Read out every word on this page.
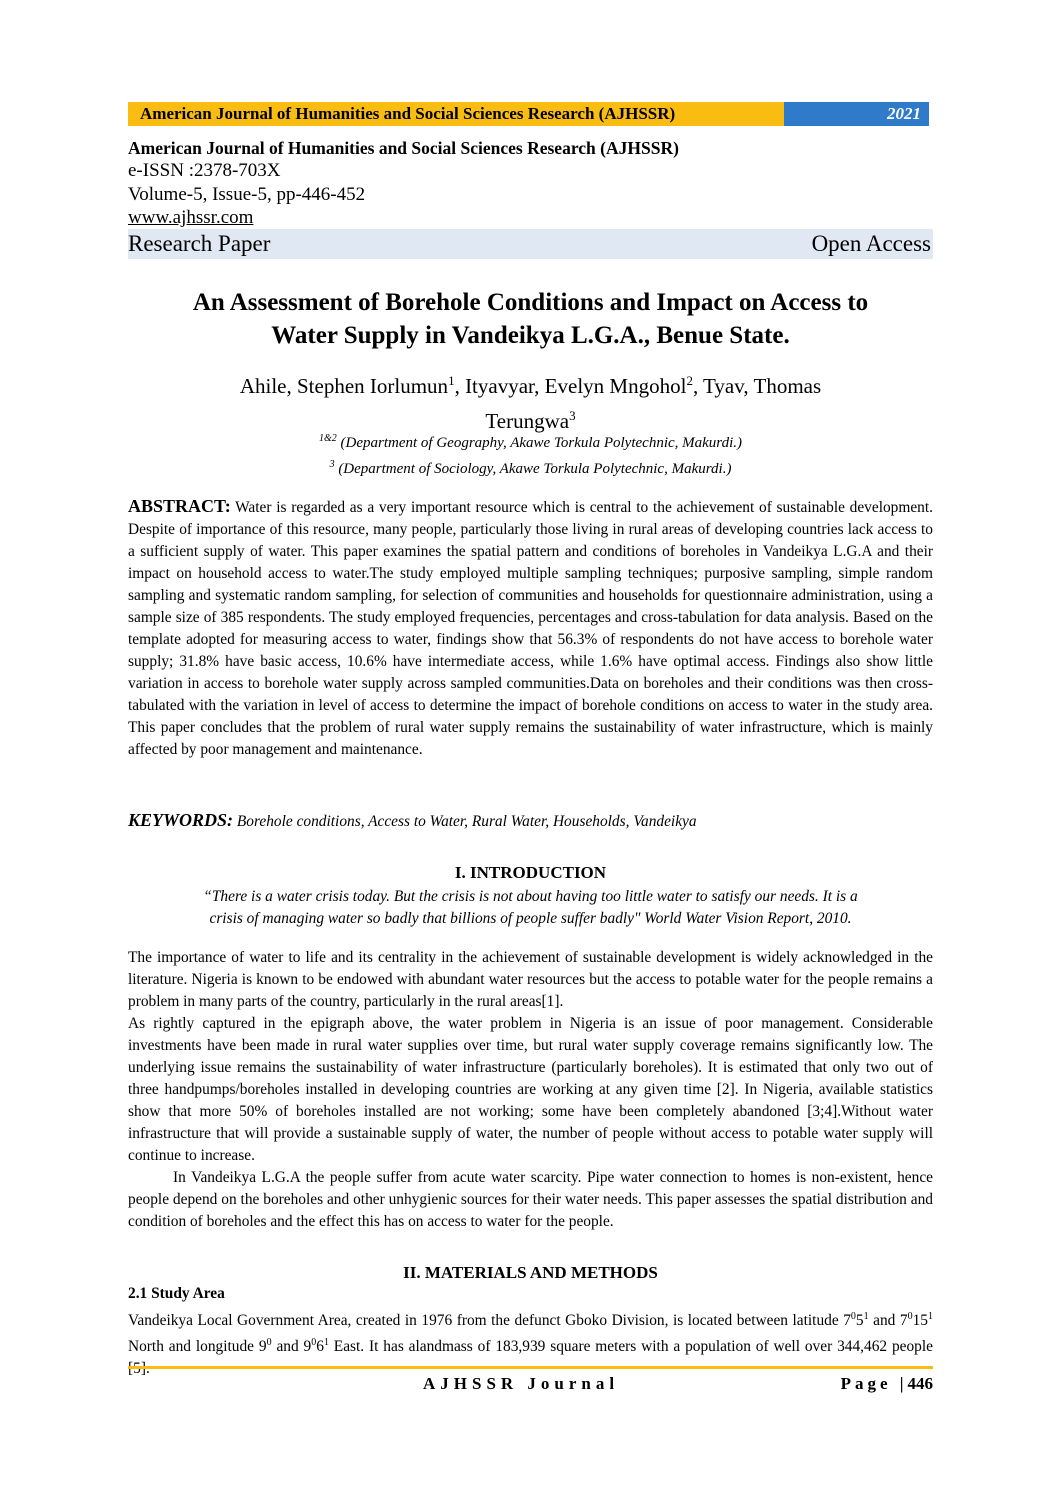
American Journal of Humanities and Social Sciences Research (AJHSSR)	2021
American Journal of Humanities and Social Sciences Research (AJHSSR)
e-ISSN :2378-703X
Volume-5, Issue-5, pp-446-452
www.ajhssr.com
Research Paper	Open Access
An Assessment of Borehole Conditions and Impact on Access to
Water Supply in Vandeikya L.G.A., Benue State.
Ahile, Stephen Iorlumun$^1$, Ityavyar, Evelyn Mngohol$^2$, Tyav, Thomas
Terungwa$^3$
$^{1\&2}$ (Department of Geography, Akawe Torkula Polytechnic, Makurdi.)
$^3$ (Department of Sociology, Akawe Torkula Polytechnic, Makurdi.)
ABSTRACT: Water is regarded as a very important resource which is central to the achievement of sustainable development. Despite of importance of this resource, many people, particularly those living in rural areas of developing countries lack access to a sufficient supply of water. This paper examines the spatial pattern and conditions of boreholes in Vandeikya L.G.A and their impact on household access to water.The study employed multiple sampling techniques; purposive sampling, simple random sampling and systematic random sampling, for selection of communities and households for questionnaire administration, using a sample size of 385 respondents. The study employed frequencies, percentages and cross-tabulation for data analysis. Based on the template adopted for measuring access to water, findings show that 56.3% of respondents do not have access to borehole water supply; 31.8% have basic access, 10.6% have intermediate access, while 1.6% have optimal access. Findings also show little variation in access to borehole water supply across sampled communities.Data on boreholes and their conditions was then cross-tabulated with the variation in level of access to determine the impact of borehole conditions on access to water in the study area. This paper concludes that the problem of rural water supply remains the sustainability of water infrastructure, which is mainly affected by poor management and maintenance.
KEYWORDS: Borehole conditions, Access to Water, Rural Water, Households, Vandeikya
I. INTRODUCTION
“There is a water crisis today. But the crisis is not about having too little water to satisfy our needs. It is a
crisis of managing water so badly that billions of people suffer badly" World Water Vision Report, 2010.

The importance of water to life and its centrality in the achievement of sustainable development is widely acknowledged in the literature. Nigeria is known to be endowed with abundant water resources but the access to potable water for the people remains a problem in many parts of the country, particularly in the rural areas[1].

As rightly captured in the epigraph above, the water problem in Nigeria is an issue of poor management. Considerable investments have been made in rural water supplies over time, but rural water supply coverage remains significantly low. The underlying issue remains the sustainability of water infrastructure (particularly boreholes). It is estimated that only two out of three handpumps/boreholes installed in developing countries are working at any given time [2]. In Nigeria, available statistics show that more 50% of boreholes installed are not working; some have been completely abandoned [3;4].Without water infrastructure that will provide a sustainable supply of water, the number of people without access to potable water supply will continue to increase.

In Vandeikya L.G.A the people suffer from acute water scarcity. Pipe water connection to homes is non-existent, hence people depend on the boreholes and other unhygienic sources for their water needs. This paper assesses the spatial distribution and condition of boreholes and the effect this has on access to water for the people.

II. MATERIALS AND METHODS
2.1 Study Area

Vandeikya Local Government Area, created in 1976 from the defunct Gboko Division, is located between latitude $7^05^1$ and $7^015^1$ North and longitude $9^0$ and $9^06^1$ East. It has alandmass of 183,939 square meters with a population of well over 344,462 people

AJHSSR Journal	Page |446
